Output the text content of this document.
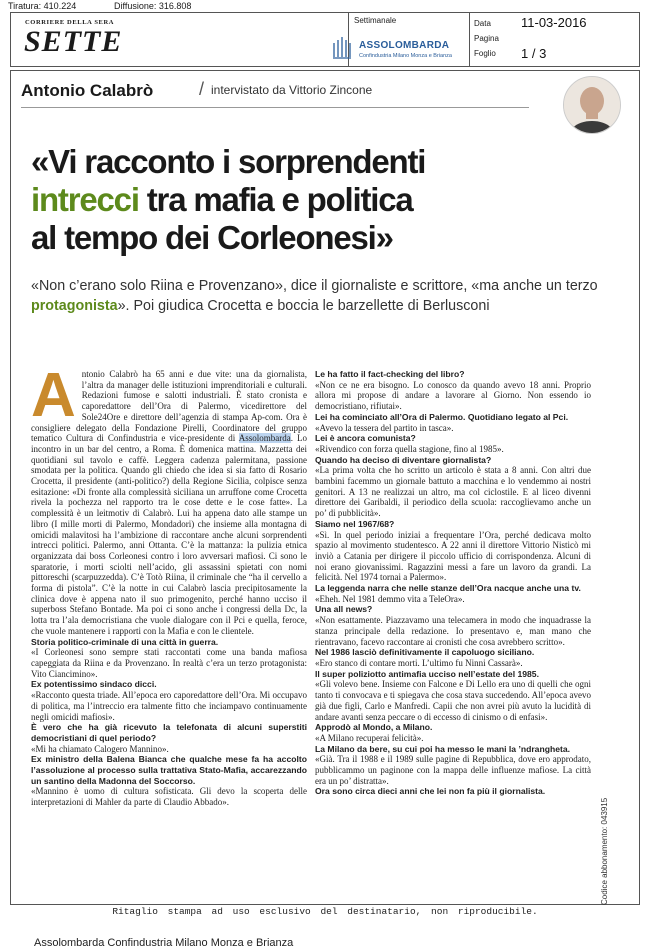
Tiratura: 410.224	Diffusione: 316.808
CORRIERE DELLA SERA
SETTE
Settimanale
ASSOLOMBARDA
Confindustria Milano Monza e Brianza
Data 11-03-2016
Pagina
Foglio 1 / 3
Antonio Calabrò	/ intervistato da Vittorio Zincone
«Vi racconto i sorprendenti
intrecci tra mafia e politica
al tempo dei Corleonesi»
«Non c’erano solo Riina e Provenzano», dice il giornaliste e scrittore, «ma anche un terzo protagonista». Poi giudica Crocetta e boccia le barzellette di Berlusconi

Antonio Calabrò ha 65 anni e due vite: una da giornalista, l’altra da manager delle istituzioni imprenditoriali e culturali. Redazioni fumose e salotti industriali. È stato cronista e caporedattore dell’Ora di Palermo, vicedirettore del Sole24Ore e direttore dell’agenzia di stampa Ap-com. Ora è consigliere delegato della Fondazione Pirelli, Coordinatore del gruppo tematico Cultura di Confindustria e vice-presidente di Assolombarda. Lo incontro in un bar del centro, a Roma. È domenica mattina. Mazzetta dei quotidiani sul tavolo e caffè. Leggera cadenza palermitana, passione smodata per la politica. Quando gli chiedo che idea si sia fatto di Rosario Crocetta, il presidente (anti-politico?) della Regione Sicilia, colpisce senza esitazione: «Di fronte alla complessità siciliana un arruffone come Crocetta rivela la pochezza nel rapporto tra le cose dette e le cose fatte». La complessità è un leitmotiv di Calabrò. Lui ha appena dato alle stampe un libro (I mille morti di Palermo, Mondadori) che insieme alla montagna di omicidi malavitosi ha l’ambizione di raccontare anche alcuni sorprendenti intrecci politici. Palermo, anni Ottanta. C’è la mattanza: la pulizia etnica organizzata dai boss Corleonesi contro i loro avversari mafiosi. Ci sono le sparatorie, i morti sciolti nell’acido, gli assassini spietati con nomi pittoreschi (scarpuzzedda). C’è Totò Riina, il criminale che “ha il cervello a forma di pistola”. C’è la notte in cui Calabrò lascia precipitosamente la clinica dove è appena nato il suo primogenito, perché hanno ucciso il superboss Stefano Bontade. Ma poi ci sono anche i congressi della Dc, la lotta tra l’ala democristiana che vuole dialogare con il Pci e quella, feroce, che vuole mantenere i rapporti con la Mafia e con le clientele.

Storia politico-criminale di una città in guerra.

«I Corleonesi sono sempre stati raccontati come una banda mafiosa capeggiata da Riina e da Provenzano. In realtà c’era un terzo protagonista: Vito Ciancimino».

Ex potentissimo sindaco dicci.

«Racconto questa triade. All’epoca ero caporedattore dell’Ora. Mi occupavo di politica, ma l’intreccio era talmente fitto che inciampavo continuamente negli omicidi mafiosi».

È vero che ha già ricevuto la telefonata di alcuni superstiti democristiani di quel periodo?

«Mi ha chiamato Calogero Mannino».

Ex ministro della Balena Bianca che qualche mese fa ha accolto l’assoluzione al processo sulla trattativa Stato-Mafia, accarezzando un santino della Madonna del Soccorso.

«Mannino è uomo di cultura sofisticata. Gli devo la scoperta delle interpretazioni di Mahler da parte di Claudio Abbado».

Le ha fatto il fact-checking del libro?

«Non ce ne era bisogno. Lo conosco da quando avevo 18 anni. Proprio allora mi propose di andare a lavorare al Giorno. Non essendo io democristiano, rifiutai».

Lei ha cominciato all’Ora di Palermo. Quotidiano legato al Pci.

«Avevo la tessera del partito in tasca».

Lei è ancora comunista?

«Rivendico con forza quella stagione, fino al 1985».

Quando ha deciso di diventare giornalista?

«La prima volta che ho scritto un articolo è stata a 8 anni. Con altri due bambini facemmo un giornale battuto a macchina e lo vendemmo ai nostri genitori. A 13 ne realizzai un altro, ma col ciclostile. E al liceo divenni direttore dei Garibaldi, il periodico della scuola: raccoglievamo anche un po’ di pubblicità».

Siamo nel 1967/68?

«Sì. In quel periodo iniziai a frequentare l’Ora, perché dedicava molto spazio al movimento studentesco. A 22 anni il direttore Vittorio Nisticò mi inviò a Catania per dirigere il piccolo ufficio di corrispondenza. Alcuni di noi erano giovanissimi. Ragazzini messi a fare un lavoro da grandi. La felicità. Nel 1974 tornai a Palermo».

La leggenda narra che nelle stanze dell’Ora nacque anche una tv.

«Eheh. Nel 1981 demmo vita a TeleOra».

Una all news?

«Non esattamente. Piazzavamo una telecamera in modo che inquadrasse la stanza principale della redazione. Io presentavo e, man mano che rientravano, facevo raccontare ai cronisti che cosa avrebbero scritto».

Nel 1986 lasciò definitivamente il capoluogo siciliano.

«Ero stanco di contare morti. L’ultimo fu Ninni Cassarà».

Il super poliziotto antimafia ucciso nell’estate del 1985.

«Gli volevo bene. Insieme con Falcone e Di Lello era uno di quelli che ogni tanto ti convocava e ti spiegava che cosa stava succedendo. All’epoca avevo già due figli, Carlo e Manfredi. Capii che non avrei più avuto la lucidità di andare avanti senza peccare o di eccesso di cinismo o di enfasi».

Approdò al Mondo, a Milano.

«A Milano recuperai felicità».

La Milano da bere, su cui poi ha messo le mani la ’ndrangheta.

«Già. Tra il 1988 e il 1989 sulle pagine di Repubblica, dove ero approdato, pubblicammo un paginone con la mappa delle influenze mafiose. La città era un po’ distratta».

Ora sono circa dieci anni che lei non fa più il giornalista.

Codice abbonamento: 043915
Ritaglio stampa ad uso esclusivo del destinatario, non riproducibile.
Assolombarda Confindustria Milano Monza e Brianza
